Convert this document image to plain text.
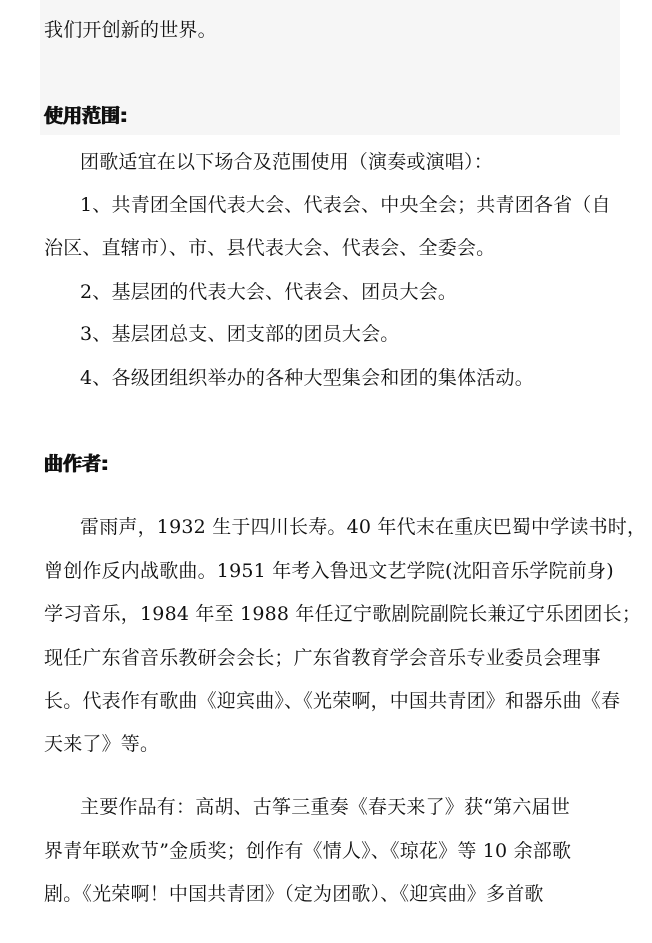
我们开创新的世界。
使用范围:
团歌适宜在以下场合及范围使用（演奏或演唱）：
1、共青团全国代表大会、代表会、中央全会；共青团各省（自
治区、直辖市）、市、县代表大会、代表会、全委会。
2、基层团的代表大会、代表会、团员大会。
3、基层团总支、团支部的团员大会。
4、各级团组织举办的各种大型集会和团的集体活动。
曲作者:
雷雨声，1932 生于四川长寿。40 年代末在重庆巴蜀中学读书时，
曾创作反内战歌曲。1951 年考入鲁迅文艺学院(沈阳音乐学院前身)
学习音乐，1984 年至 1988 年任辽宁歌剧院副院长兼辽宁乐团团长；
现任广东省音乐教研会会长；广东省教育学会音乐专业委员会理事
长。代表作有歌曲《迎宾曲》、《光荣啊，中国共青团》和器乐曲《春
天来了》等。
主要作品有：高胡、古筝三重奏《春天来了》获“第六届世
界青年联欢节”金质奖；创作有《情人》、《琼花》等 10 余部歌
剧。《光荣啊！中国共青团》（定为团歌）、《迎宾曲》多首歌
